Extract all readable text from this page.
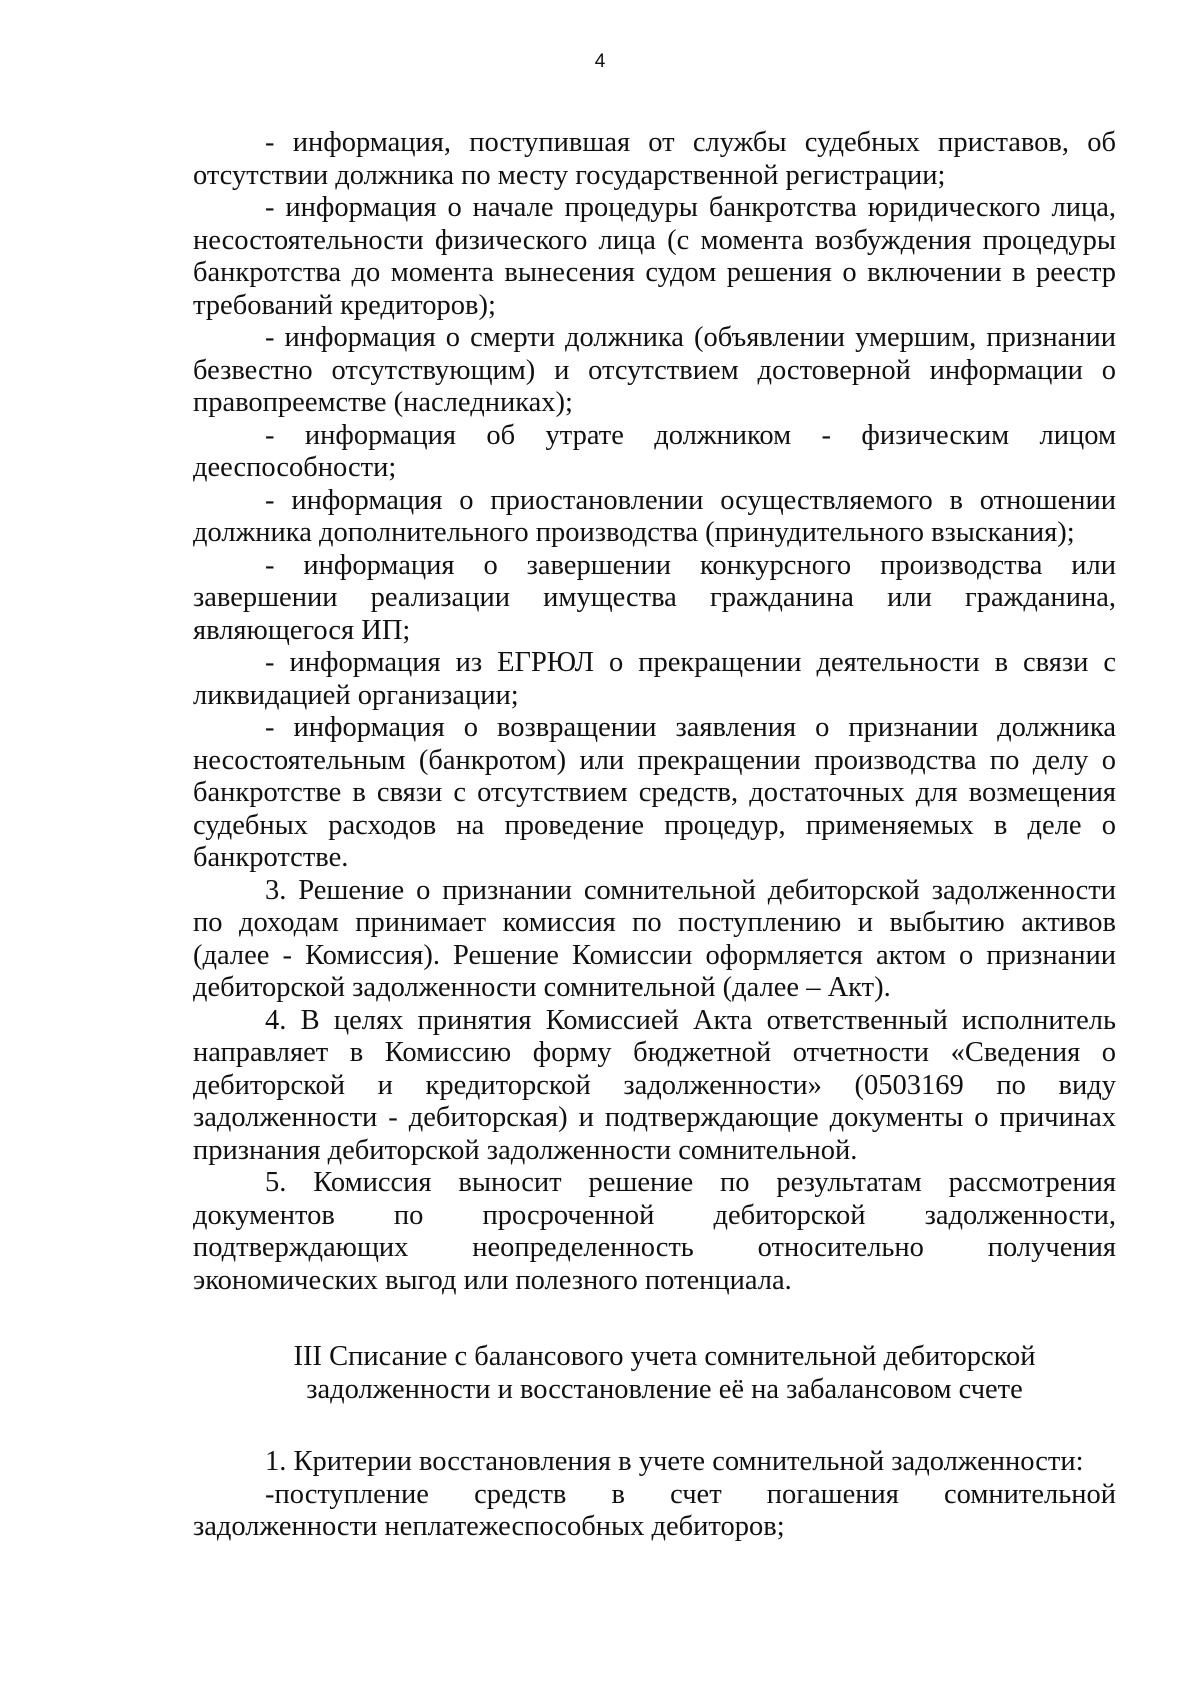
4

- информация, поступившая от службы судебных приставов, об отсутствии должника по месту государственной регистрации;

- информация о начале процедуры банкротства юридического лица, несостоятельности физического лица (с момента возбуждения процедуры банкротства до момента вынесения судом решения о включении в реестр требований кредиторов);

- информация о смерти должника (объявлении умершим, признании безвестно отсутствующим) и отсутствием достоверной информации о правопреемстве (наследниках);

- информация об утрате должником - физическим лицом дееспособности;

- информация о приостановлении осуществляемого в отношении должника дополнительного производства (принудительного взыскания);

- информация о завершении конкурсного производства или завершении реализации имущества гражданина или гражданина, являющегося ИП;

- информация из ЕГРЮЛ о прекращении деятельности в связи с ликвидацией организации;

- информация о возвращении заявления о признании должника несостоятельным (банкротом) или прекращении производства по делу о банкротстве в связи с отсутствием средств, достаточных для возмещения судебных расходов на проведение процедур, применяемых в деле о банкротстве.

3. Решение о признании сомнительной дебиторской задолженности по доходам принимает комиссия по поступлению и выбытию активов (далее - Комиссия). Решение Комиссии оформляется актом о признании дебиторской задолженности сомнительной (далее – Акт).

4. В целях принятия Комиссией Акта ответственный исполнитель направляет в Комиссию форму бюджетной отчетности «Сведения о дебиторской и кредиторской задолженности» (0503169 по виду задолженности - дебиторская) и подтверждающие документы о причинах признания дебиторской задолженности сомнительной.

5. Комиссия выносит решение по результатам рассмотрения документов по просроченной дебиторской задолженности, подтверждающих неопределенность относительно получения экономических выгод или полезного потенциала.

III Списание с балансового учета сомнительной дебиторской
задолженности и восстановление её на забалансовом счете

1. Критерии восстановления в учете сомнительной задолженности:

-поступление средств в счет погашения сомнительной задолженности неплатежеспособных дебиторов;
